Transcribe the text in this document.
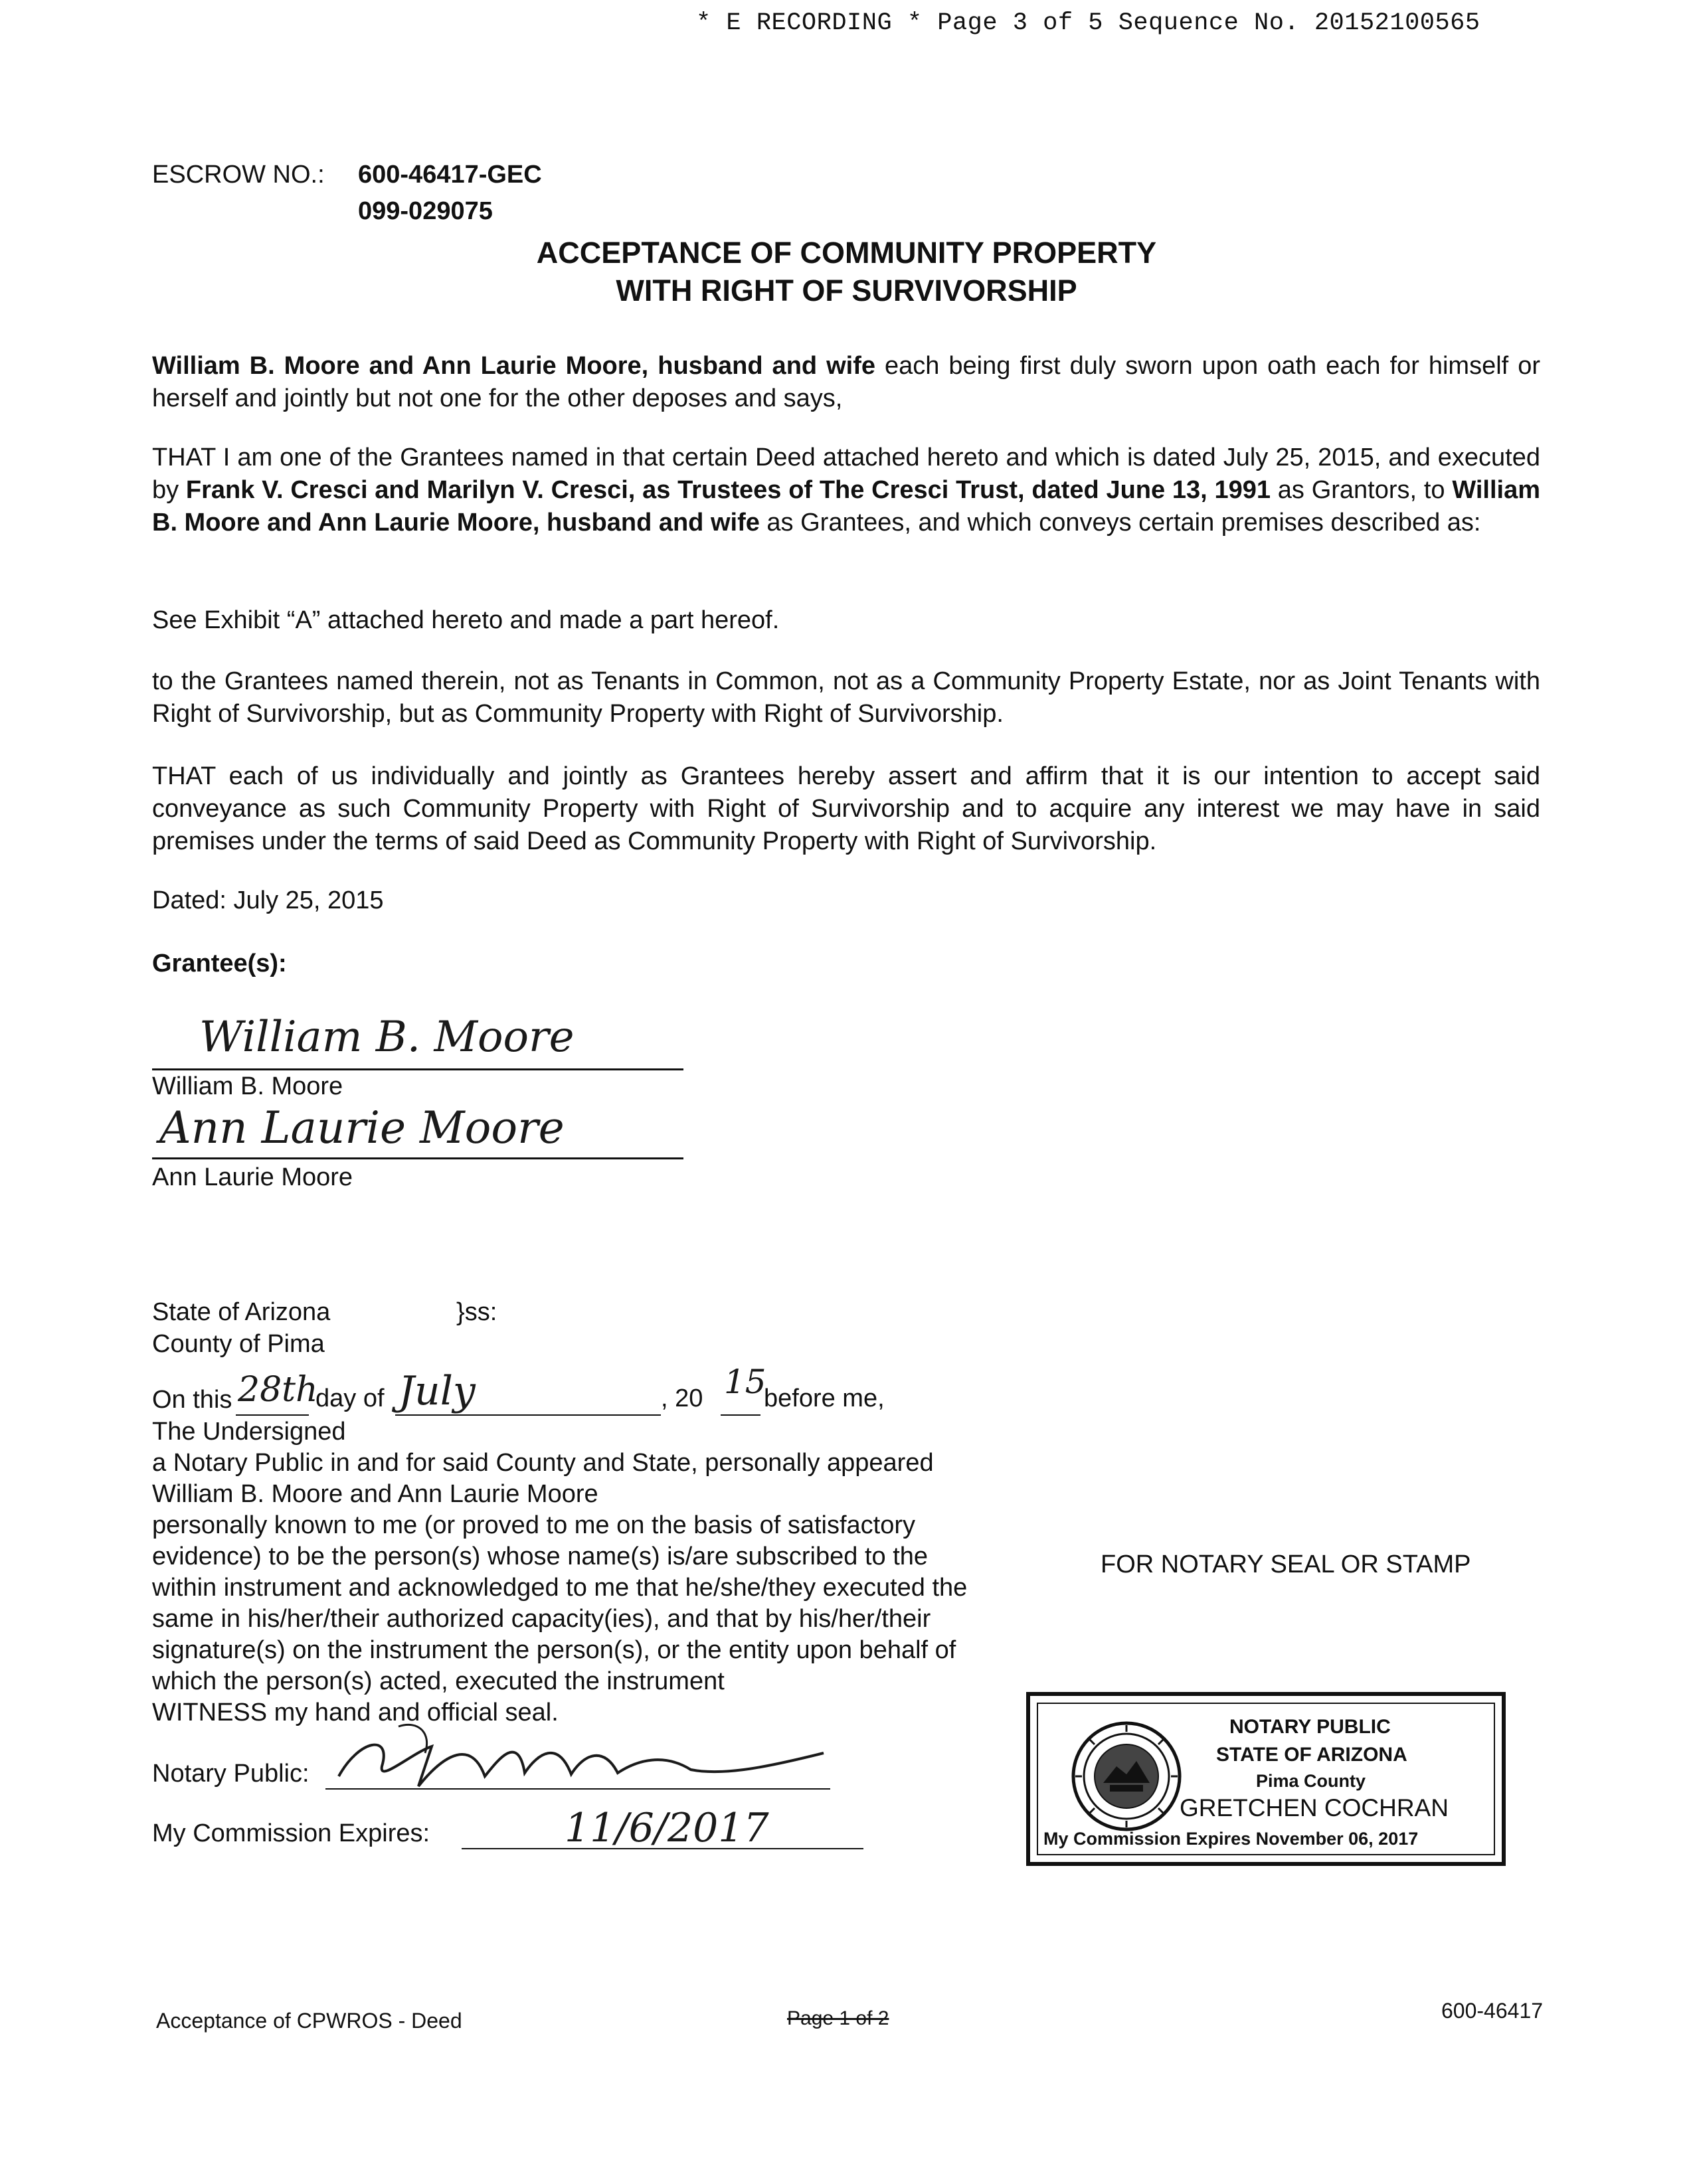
* E RECORDING * Page 3 of 5 Sequence No. 20152100565
ESCROW NO.: 600-46417-GEC
099-029075
ACCEPTANCE OF COMMUNITY PROPERTY
WITH RIGHT OF SURVIVORSHIP
William B. Moore and Ann Laurie Moore, husband and wife each being first duly sworn upon oath each for himself or herself and jointly but not one for the other deposes and says,
THAT I am one of the Grantees named in that certain Deed attached hereto and which is dated July 25, 2015, and executed by Frank V. Cresci and Marilyn V. Cresci, as Trustees of The Cresci Trust, dated June 13, 1991 as Grantors, to William B. Moore and Ann Laurie Moore, husband and wife as Grantees, and which conveys certain premises described as:
See Exhibit “A” attached hereto and made a part hereof.
to the Grantees named therein, not as Tenants in Common, not as a Community Property Estate, nor as Joint Tenants with Right of Survivorship, but as Community Property with Right of Survivorship.
THAT each of us individually and jointly as Grantees hereby assert and affirm that it is our intention to accept said conveyance as such Community Property with Right of Survivorship and to acquire any interest we may have in said premises under the terms of said Deed as Community Property with Right of Survivorship.
Dated: July 25, 2015
Grantee(s):
William B. Moore
William B. Moore
Ann Laurie Moore
Ann Laurie Moore
State of Arizona
County of Pima
}ss:
On this 28th
day of July	, 20 15
before me,
The Undersigned
a Notary Public in and for said County and State, personally appeared
William B. Moore and Ann Laurie Moore
personally known to me (or proved to me on the basis of satisfactory
evidence) to be the person(s) whose name(s) is/are subscribed to the
within instrument and acknowledged to me that he/she/they executed the
same in his/her/their authorized capacity(ies), and that by his/her/their
signature(s) on the instrument the person(s), or the entity upon behalf of
which the person(s) acted, executed the instrument
WITNESS my hand and official seal.
Notary Public:
My Commission Expires:	11/6/2017
FOR NOTARY SEAL OR STAMP
NOTARY PUBLIC
STATE OF ARIZONA
Pima County
GRETCHEN COCHRAN
My Commission Expires November 06, 2017
Acceptance of CPWROS - Deed	Page 1 of 2	600-46417
